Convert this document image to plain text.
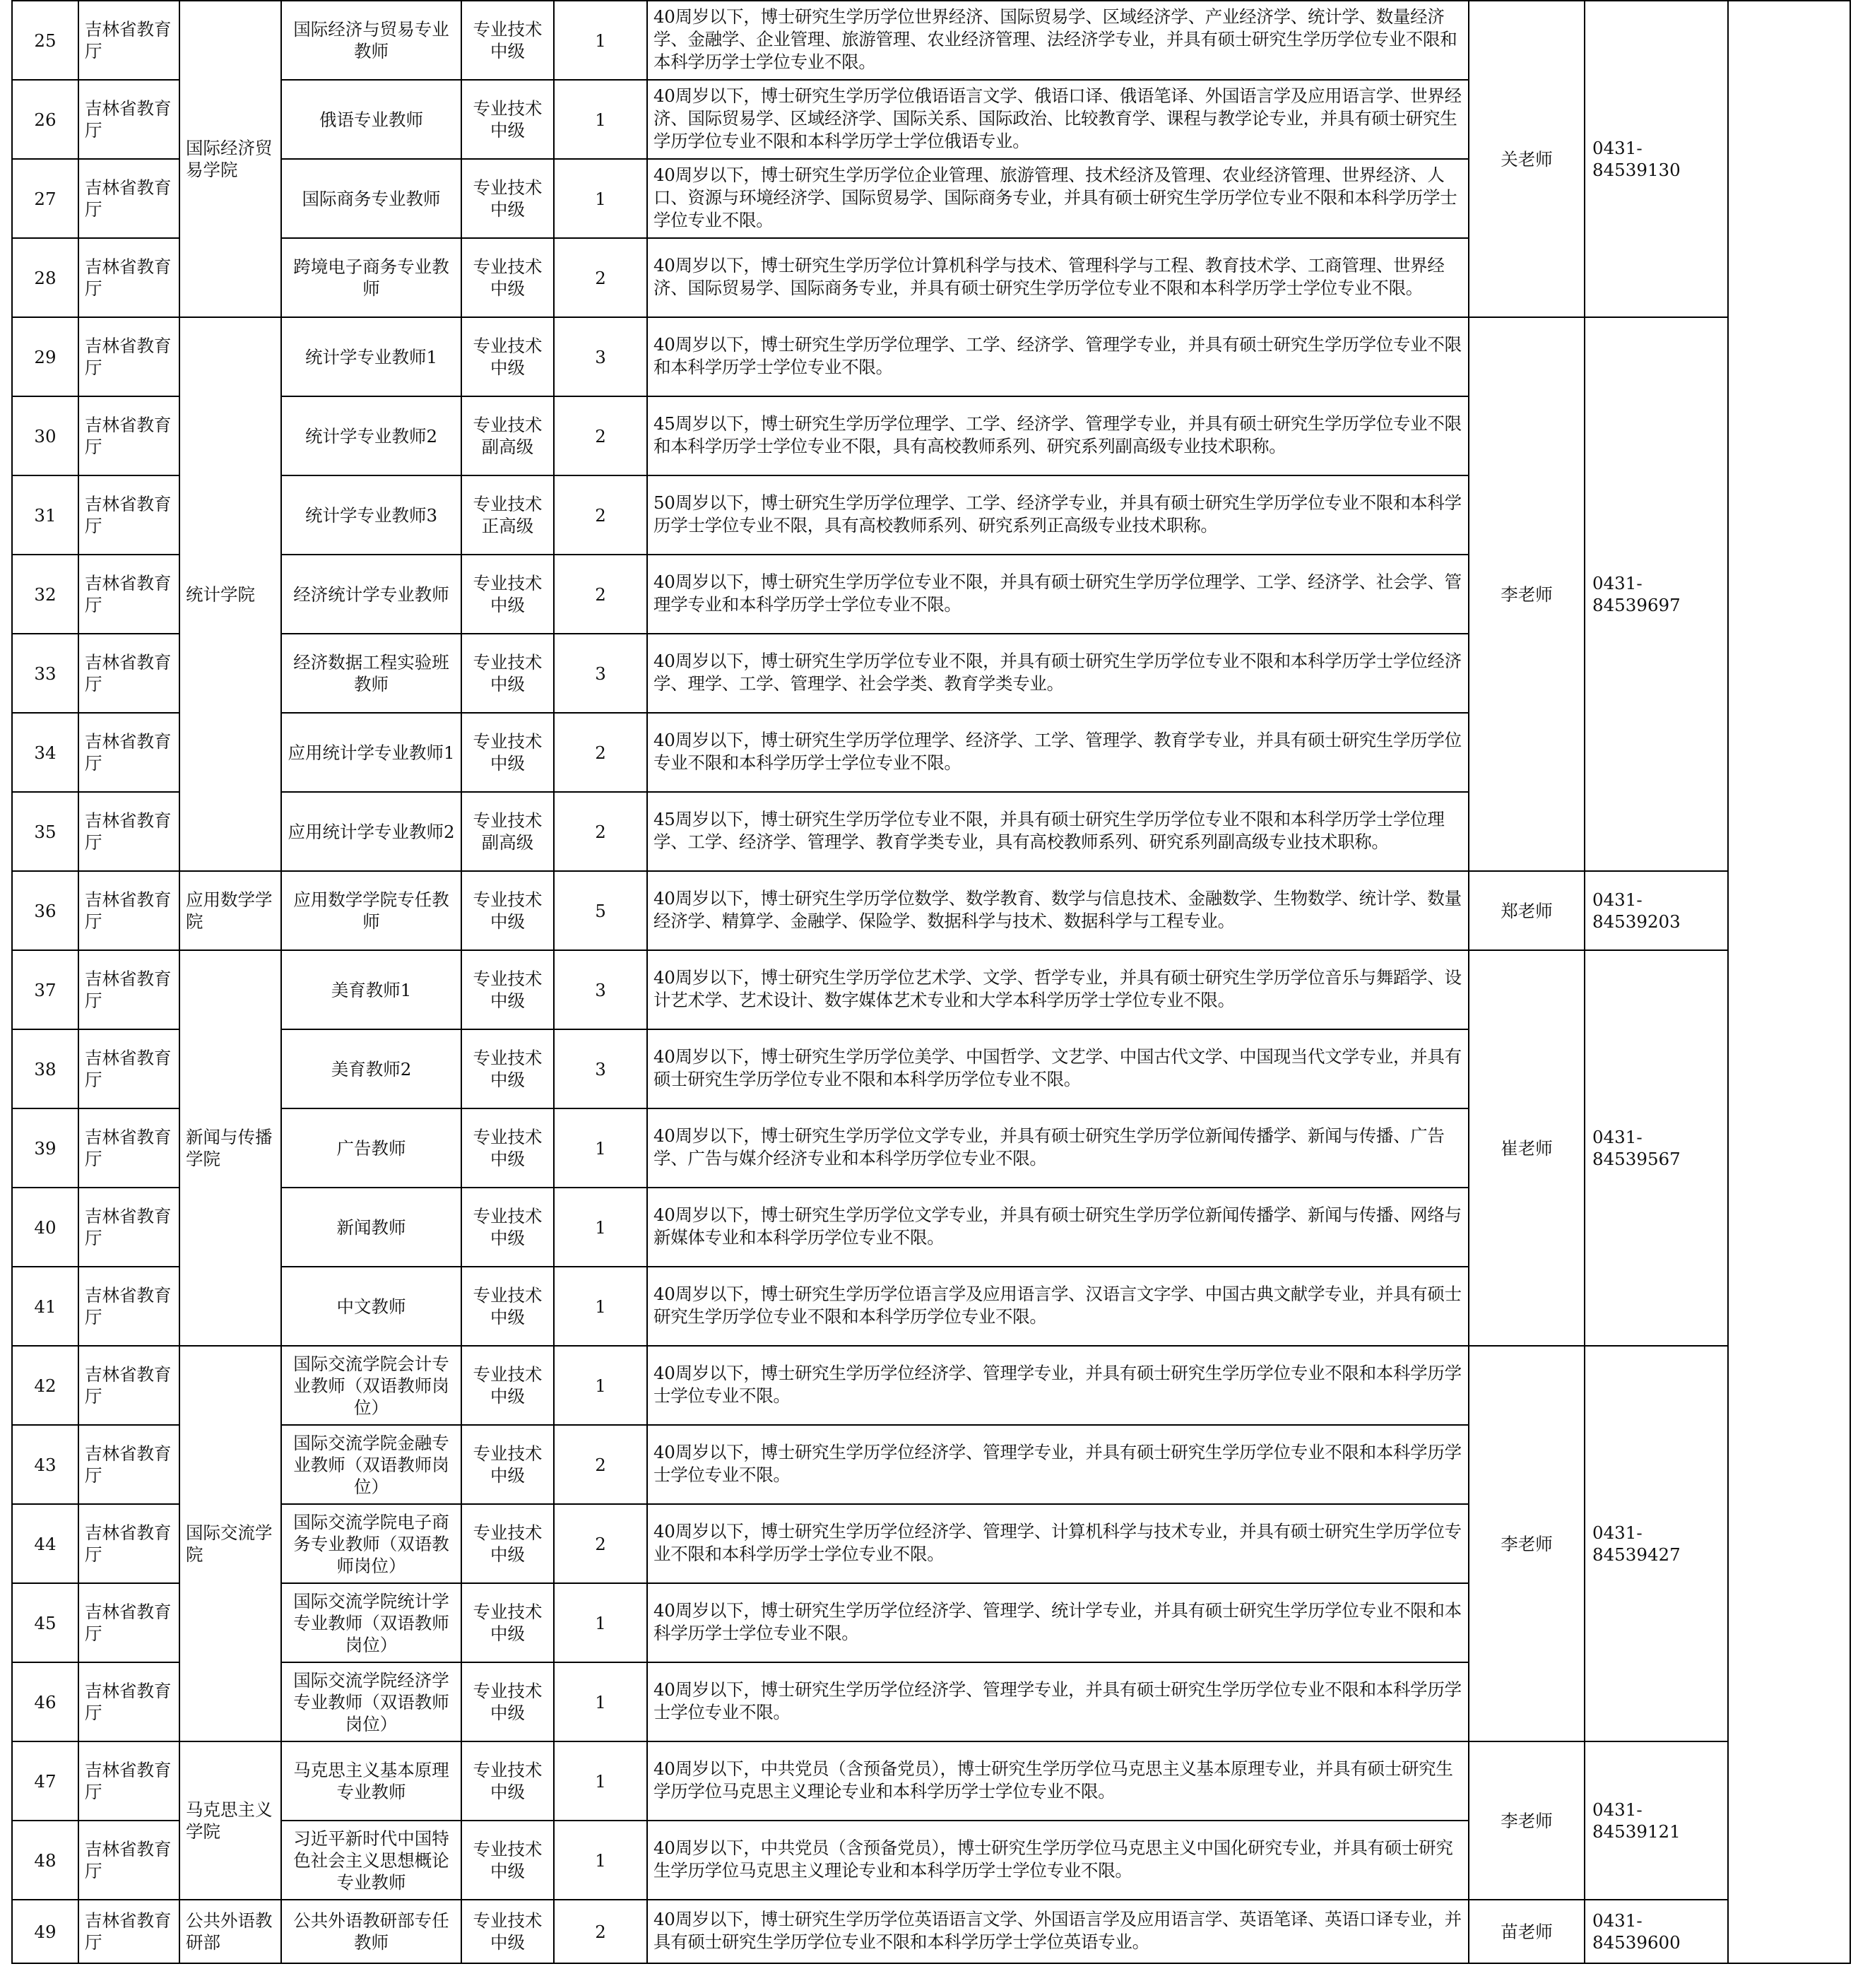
25	吉林省教育厅	国际经济贸易学院	国际经济与贸易专业教师	专业技术中级	1	40周岁以下，博士研究生学历学位世界经济、国际贸易学、区域经济学、产业经济学、统计学、数量经济学、金融学、企业管理、旅游管理、农业经济管理、法经济学专业，并具有硕士研究生学历学位专业不限和本科学历学士学位专业不限。	关老师	0431-84539130	
26	吉林省教育厅		俄语专业教师	专业技术中级	1	40周岁以下，博士研究生学历学位俄语语言文学、俄语口译、俄语笔译、外国语言学及应用语言学、世界经济、国际贸易学、区域经济学、国际关系、国际政治、比较教育学、课程与教学论专业，并具有硕士研究生学历学位专业不限和本科学历学士学位俄语专业。			
27	吉林省教育厅		国际商务专业教师	专业技术中级	1	40周岁以下，博士研究生学历学位企业管理、旅游管理、技术经济及管理、农业经济管理、世界经济、人口、资源与环境经济学、国际贸易学、国际商务专业，并具有硕士研究生学历学位专业不限和本科学历学士学位专业不限。			
28	吉林省教育厅		跨境电子商务专业教师	专业技术中级	2	40周岁以下，博士研究生学历学位计算机科学与技术、管理科学与工程、教育技术学、工商管理、世界经济、国际贸易学、国际商务专业，并具有硕士研究生学历学位专业不限和本科学历学士学位专业不限。			
29	吉林省教育厅	统计学院	统计学专业教师1	专业技术中级	3	40周岁以下，博士研究生学历学位理学、工学、经济学、管理学专业，并具有硕士研究生学历学位专业不限和本科学历学士学位专业不限。	李老师	0431-84539697	
30	吉林省教育厅		统计学专业教师2	专业技术副高级	2	45周岁以下，博士研究生学历学位理学、工学、经济学、管理学专业，并具有硕士研究生学历学位专业不限和本科学历学士学位专业不限，具有高校教师系列、研究系列副高级专业技术职称。			
31	吉林省教育厅		统计学专业教师3	专业技术正高级	2	50周岁以下，博士研究生学历学位理学、工学、经济学专业，并具有硕士研究生学历学位专业不限和本科学历学士学位专业不限，具有高校教师系列、研究系列正高级专业技术职称。			
32	吉林省教育厅		经济统计学专业教师	专业技术中级	2	40周岁以下，博士研究生学历学位专业不限，并具有硕士研究生学历学位理学、工学、经济学、社会学、管理学专业和本科学历学士学位专业不限。			
33	吉林省教育厅		经济数据工程实验班教师	专业技术中级	3	40周岁以下，博士研究生学历学位专业不限，并具有硕士研究生学历学位专业不限和本科学历学士学位经济学、理学、工学、管理学、社会学类、教育学类专业。			
34	吉林省教育厅		应用统计学专业教师1	专业技术中级	2	40周岁以下，博士研究生学历学位理学、经济学、工学、管理学、教育学专业，并具有硕士研究生学历学位专业不限和本科学历学士学位专业不限。			
35	吉林省教育厅		应用统计学专业教师2	专业技术副高级	2	45周岁以下，博士研究生学历学位专业不限，并具有硕士研究生学历学位专业不限和本科学历学士学位理学、工学、经济学、管理学、教育学类专业，具有高校教师系列、研究系列副高级专业技术职称。			
36	吉林省教育厅	应用数学学院	应用数学学院专任教师	专业技术中级	5	40周岁以下，博士研究生学历学位数学、数学教育、数学与信息技术、金融数学、生物数学、统计学、数量经济学、精算学、金融学、保险学、数据科学与技术、数据科学与工程专业。	郑老师	0431-84539203	
37	吉林省教育厅	新闻与传播学院	美育教师1	专业技术中级	3	40周岁以下，博士研究生学历学位艺术学、文学、哲学专业，并具有硕士研究生学历学位音乐与舞蹈学、设计艺术学、艺术设计、数字媒体艺术专业和大学本科学历学士学位专业不限。	崔老师	0431-84539567	
38	吉林省教育厅		美育教师2	专业技术中级	3	40周岁以下，博士研究生学历学位美学、中国哲学、文艺学、中国古代文学、中国现当代文学专业，并具有硕士研究生学历学位专业不限和本科学历学位专业不限。			
39	吉林省教育厅		广告教师	专业技术中级	1	40周岁以下，博士研究生学历学位文学专业，并具有硕士研究生学历学位新闻传播学、新闻与传播、广告学、广告与媒介经济专业和本科学历学位专业不限。			
40	吉林省教育厅		新闻教师	专业技术中级	1	40周岁以下，博士研究生学历学位文学专业，并具有硕士研究生学历学位新闻传播学、新闻与传播、网络与新媒体专业和本科学历学位专业不限。			
41	吉林省教育厅		中文教师	专业技术中级	1	40周岁以下，博士研究生学历学位语言学及应用语言学、汉语言文字学、中国古典文献学专业，并具有硕士研究生学历学位专业不限和本科学历学位专业不限。			
42	吉林省教育厅	国际交流学院	国际交流学院会计专业教师（双语教师岗位）	专业技术中级	1	40周岁以下，博士研究生学历学位经济学、管理学专业，并具有硕士研究生学历学位专业不限和本科学历学士学位专业不限。	李老师	0431-84539427	
43	吉林省教育厅		国际交流学院金融专业教师（双语教师岗位）	专业技术中级	2	40周岁以下，博士研究生学历学位经济学、管理学专业，并具有硕士研究生学历学位专业不限和本科学历学士学位专业不限。			
44	吉林省教育厅		国际交流学院电子商务专业教师（双语教师岗位）	专业技术中级	2	40周岁以下，博士研究生学历学位经济学、管理学、计算机科学与技术专业，并具有硕士研究生学历学位专业不限和本科学历学士学位专业不限。			
45	吉林省教育厅		国际交流学院统计学专业教师（双语教师岗位）	专业技术中级	1	40周岁以下，博士研究生学历学位经济学、管理学、统计学专业，并具有硕士研究生学历学位专业不限和本科学历学士学位专业不限。			
46	吉林省教育厅		国际交流学院经济学专业教师（双语教师岗位）	专业技术中级	1	40周岁以下，博士研究生学历学位经济学、管理学专业，并具有硕士研究生学历学位专业不限和本科学历学士学位专业不限。			
47	吉林省教育厅	马克思主义学院	马克思主义基本原理专业教师	专业技术中级	1	40周岁以下，中共党员（含预备党员），博士研究生学历学位马克思主义基本原理专业，并具有硕士研究生学历学位马克思主义理论专业和本科学历学士学位专业不限。	李老师	0431-84539121	
48	吉林省教育厅		习近平新时代中国特色社会主义思想概论专业教师	专业技术中级	1	40周岁以下，中共党员（含预备党员），博士研究生学历学位马克思主义中国化研究专业，并具有硕士研究生学历学位马克思主义理论专业和本科学历学士学位专业不限。			
49	吉林省教育厅	公共外语教研部	公共外语教研部专任教师	专业技术中级	2	40周岁以下，博士研究生学历学位英语语言文学、外国语言学及应用语言学、英语笔译、英语口译专业，并具有硕士研究生学历学位专业不限和本科学历学士学位英语专业。	苗老师	0431-84539600	
